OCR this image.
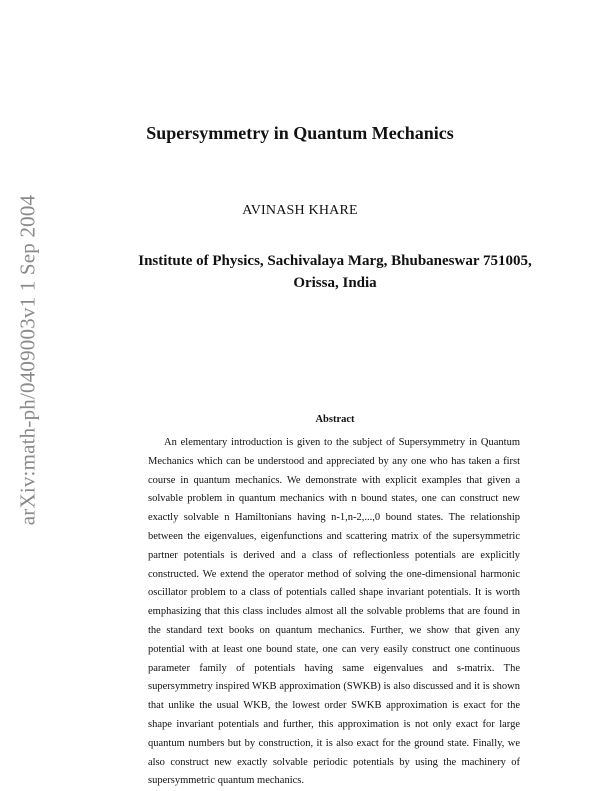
arXiv:math-ph/0409003v1 1 Sep 2004
Supersymmetry in Quantum Mechanics
AVINASH KHARE
Institute of Physics, Sachivalaya Marg, Bhubaneswar 751005,
Orissa, India
Abstract
An elementary introduction is given to the subject of Supersymmetry in Quantum Mechanics which can be understood and appreciated by any one who has taken a first course in quantum mechanics. We demonstrate with explicit examples that given a solvable problem in quantum mechanics with n bound states, one can construct new exactly solvable n Hamiltonians having n-1,n-2,...,0 bound states. The relationship between the eigenvalues, eigenfunctions and scattering matrix of the supersymmetric partner potentials is derived and a class of reflectionless potentials are explicitly constructed. We extend the operator method of solving the one-dimensional harmonic oscillator problem to a class of potentials called shape invariant potentials. It is worth emphasizing that this class includes almost all the solvable problems that are found in the standard text books on quantum mechanics. Further, we show that given any potential with at least one bound state, one can very easily construct one continuous parameter family of potentials having same eigenvalues and s-matrix. The supersymmetry inspired WKB approximation (SWKB) is also discussed and it is shown that unlike the usual WKB, the lowest order SWKB approximation is exact for the shape invariant potentials and further, this approximation is not only exact for large quantum numbers but by construction, it is also exact for the ground state. Finally, we also construct new exactly solvable periodic potentials by using the machinery of supersymmetric quantum mechanics.
